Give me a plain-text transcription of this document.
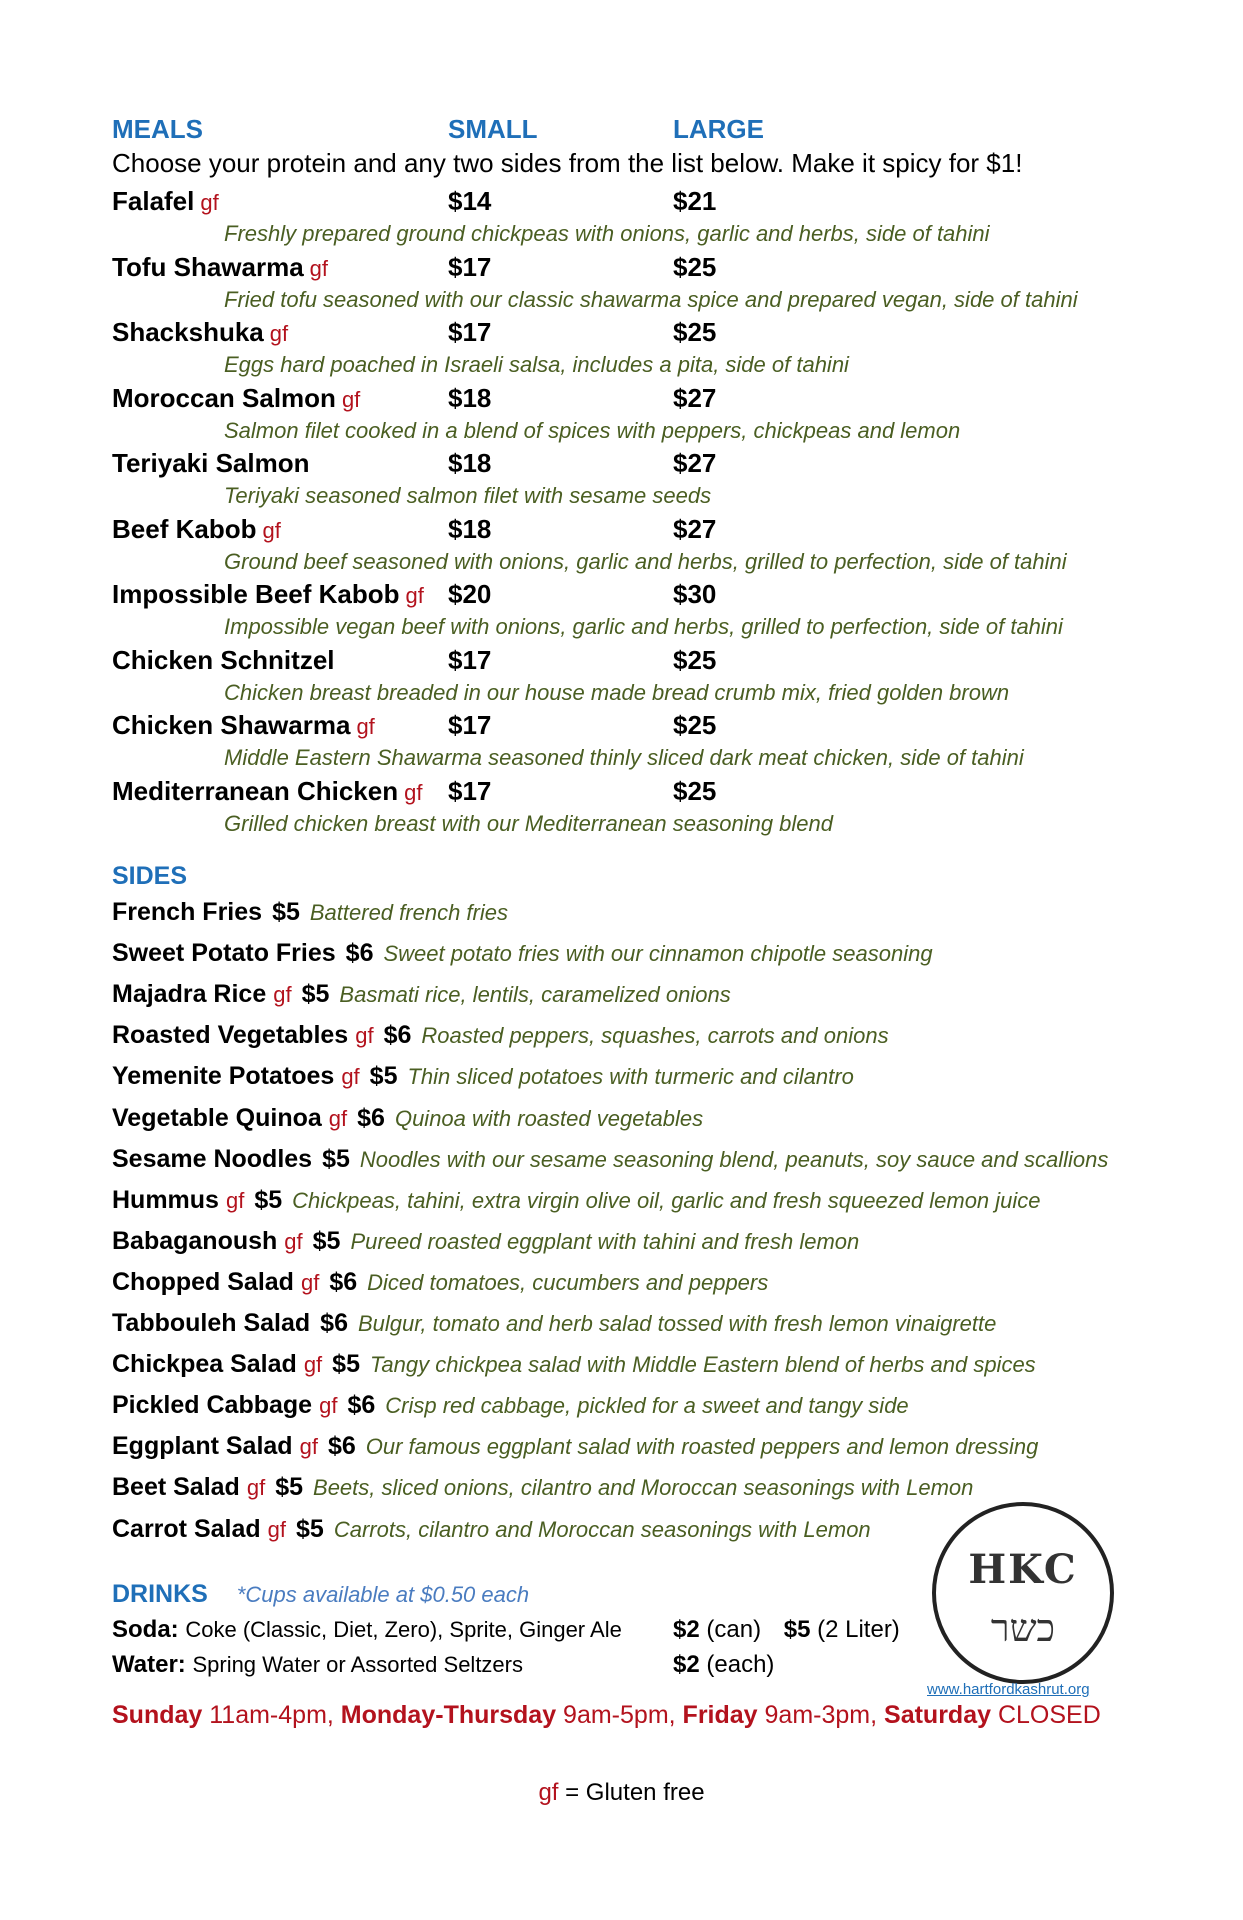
MEALS	SMALL	LARGE
Choose your protein and any two sides from the list below. Make it spicy for $1!
Falafel gf	$14	$21
Freshly prepared ground chickpeas with onions, garlic and herbs, side of tahini
Tofu Shawarma gf	$17	$25
Fried tofu seasoned with our classic shawarma spice and prepared vegan, side of tahini
Shackshuka gf	$17	$25
Eggs hard poached in Israeli salsa, includes a pita, side of tahini
Moroccan Salmon gf	$18	$27
Salmon filet cooked in a blend of spices with peppers, chickpeas and lemon
Teriyaki Salmon	$18	$27
Teriyaki seasoned salmon filet with sesame seeds
Beef Kabob gf	$18	$27
Ground beef seasoned with onions, garlic and herbs, grilled to perfection, side of tahini
Impossible Beef Kabob gf $20	$30
Impossible vegan beef with onions, garlic and herbs, grilled to perfection, side of tahini
Chicken Schnitzel	$17	$25
Chicken breast breaded in our house made bread crumb mix, fried golden brown
Chicken Shawarma gf	$17	$25
Middle Eastern Shawarma seasoned thinly sliced dark meat chicken, side of tahini
Mediterranean Chicken gf $17	$25
Grilled chicken breast with our Mediterranean seasoning blend
SIDES
French Fries $5 Battered french fries
Sweet Potato Fries $6 Sweet potato fries with our cinnamon chipotle seasoning
Majadra Rice gf $5 Basmati rice, lentils, caramelized onions
Roasted Vegetables gf $6 Roasted peppers, squashes, carrots and onions
Yemenite Potatoes gf $5 Thin sliced potatoes with turmeric and cilantro
Vegetable Quinoa gf $6 Quinoa with roasted vegetables
Sesame Noodles $5 Noodles with our sesame seasoning blend, peanuts, soy sauce and scallions
Hummus gf $5 Chickpeas, tahini, extra virgin olive oil, garlic and fresh squeezed lemon juice
Babaganoush gf $5 Pureed roasted eggplant with tahini and fresh lemon
Chopped Salad gf $6 Diced tomatoes, cucumbers and peppers
Tabbouleh Salad $6 Bulgur, tomato and herb salad tossed with fresh lemon vinaigrette
Chickpea Salad gf $5 Tangy chickpea salad with Middle Eastern blend of herbs and spices
Pickled Cabbage gf $6 Crisp red cabbage, pickled for a sweet and tangy side
Eggplant Salad gf $6 Our famous eggplant salad with roasted peppers and lemon dressing
Beet Salad gf $5 Beets, sliced onions, cilantro and Moroccan seasonings with Lemon
Carrot Salad gf $5 Carrots, cilantro and Moroccan seasonings with Lemon
DRINKS *Cups available at $0.50 each
Soda: Coke (Classic, Diet, Zero), Sprite, Ginger Ale $2 (can) $5 (2 Liter)
Water: Spring Water or Assorted Seltzers	$2 (each)
HKC
כשר
www.hartfordkashrut.org
Sunday 11am-4pm, Monday-Thursday 9am-5pm, Friday 9am-3pm, Saturday CLOSED
gf = Gluten free
